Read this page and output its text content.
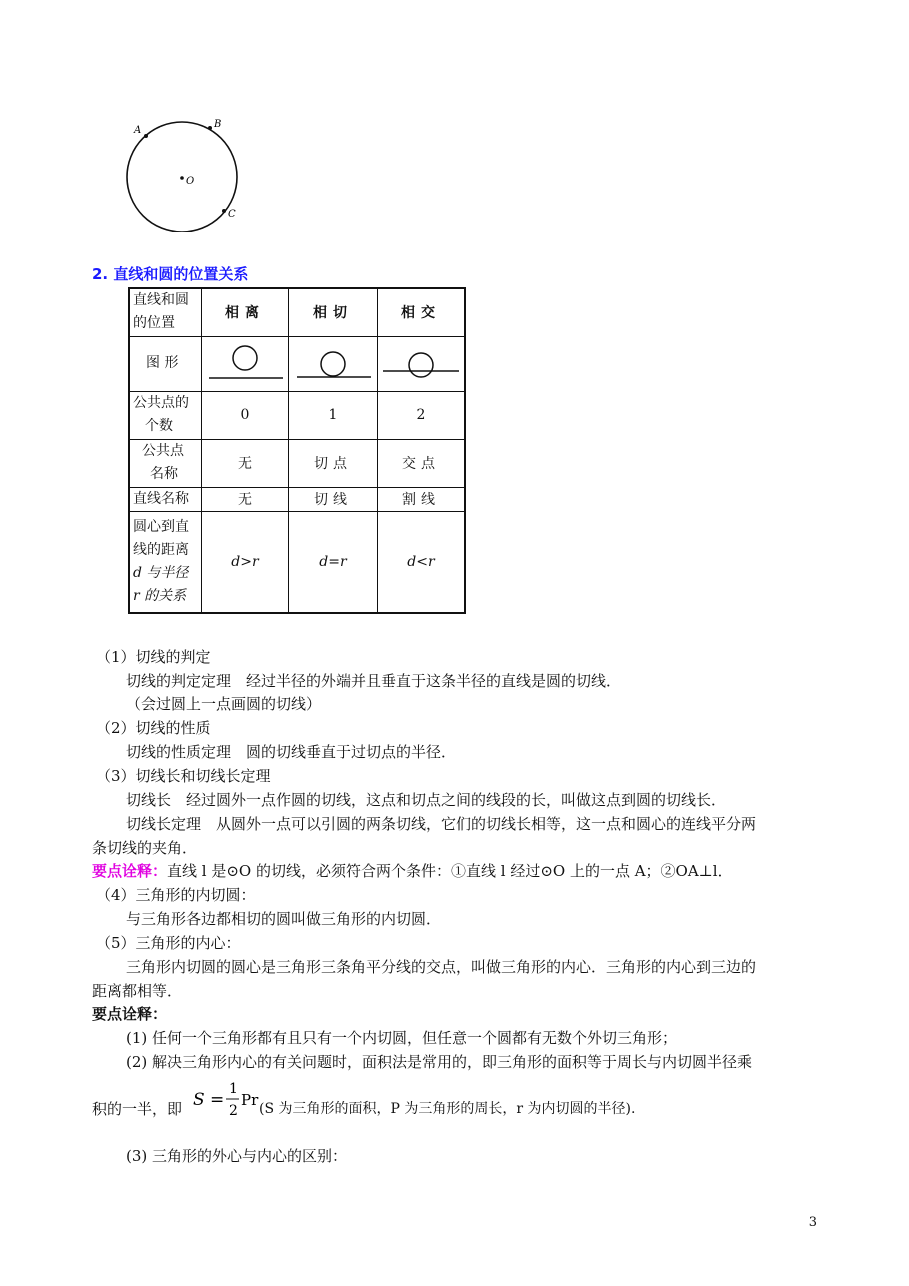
A
B
O
C
2. 直线和圆的位置关系
直线和圆
的位置	相离	相切	相交
图 形	

公共点的
个数	0	1	2
公共点
名称	无	切点	交点
直线名称	无	切线	割线
圆心到直
线的距离
d 与半径
r 的关系	d>r	d=r	d<r
（1）切线的判定
切线的判定定理　经过半径的外端并且垂直于这条半径的直线是圆的切线．
（会过圆上一点画圆的切线）
（2）切线的性质
切线的性质定理　圆的切线垂直于过切点的半径．
（3）切线长和切线长定理
切线长　经过圆外一点作圆的切线，这点和切点之间的线段的长，叫做这点到圆的切线长．
切线长定理　从圆外一点可以引圆的两条切线，它们的切线长相等，这一点和圆心的连线平分两
条切线的夹角．
要点诠释：直线 l 是⊙O 的切线，必须符合两个条件：①直线 l 经过⊙O 上的一点 A；②OA⊥l．
（4）三角形的内切圆：
与三角形各边都相切的圆叫做三角形的内切圆．
（5）三角形的内心：
三角形内切圆的圆心是三角形三条角平分线的交点，叫做三角形的内心．三角形的内心到三边的
距离都相等．
要点诠释：
(1) 任何一个三角形都有且只有一个内切圆，但任意一个圆都有无数个外切三角形；
(2) 解决三角形内心的有关问题时，面积法是常用的，即三角形的面积等于周长与内切圆半径乘
积的一半，即 S =
1
2
Pr (S 为三角形的面积，P 为三角形的周长，r 为内切圆的半径).
(3) 三角形的外心与内心的区别：
3
